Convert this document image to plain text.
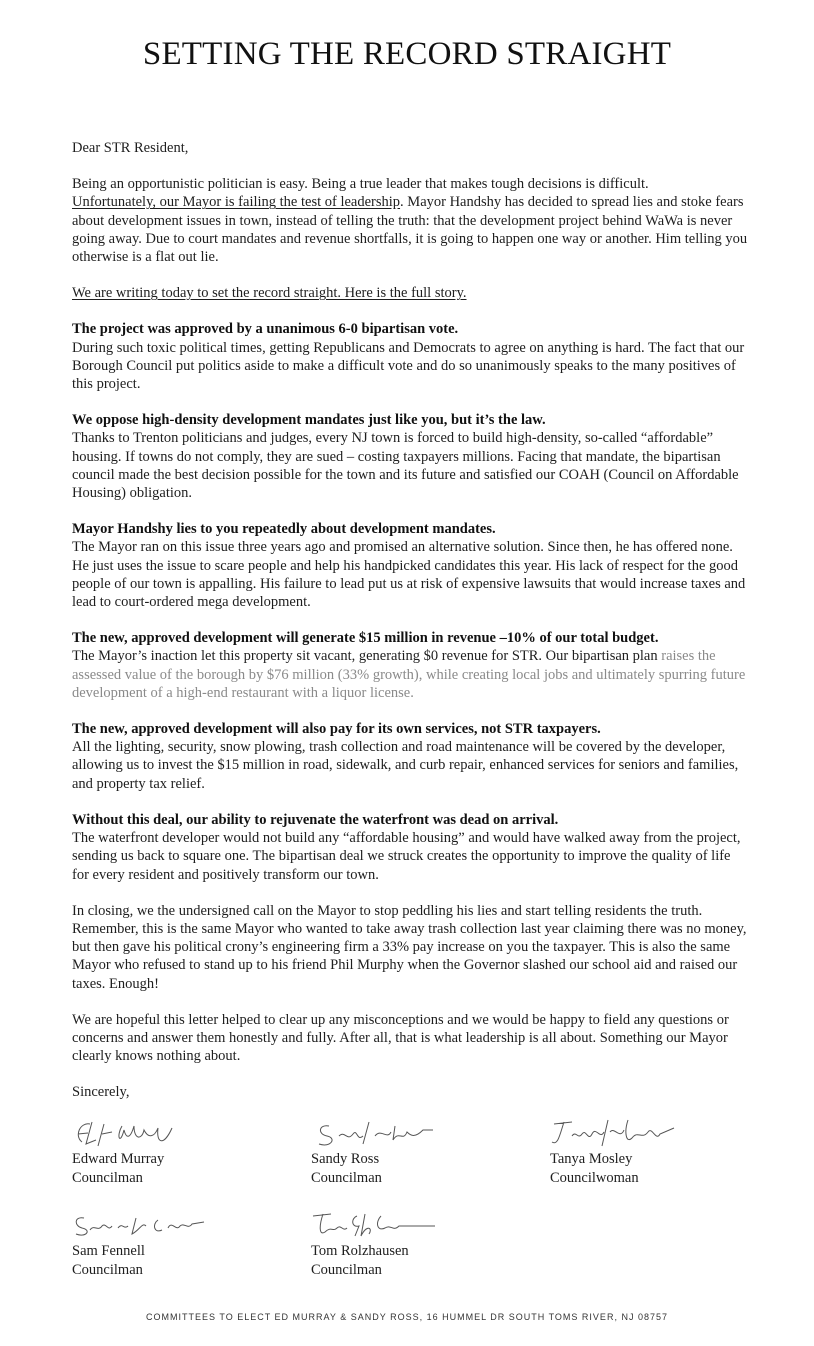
SETTING THE RECORD STRAIGHT

Dear STR Resident,

Being an opportunistic politician is easy. Being a true leader that makes tough decisions is difficult.
Unfortunately, our Mayor is failing the test of leadership. Mayor Handshy has decided to spread lies and stoke fears about development issues in town, instead of telling the truth: that the development project behind WaWa is never going away. Due to court mandates and revenue shortfalls, it is going to happen one way or another. Him telling you otherwise is a flat out lie.

We are writing today to set the record straight. Here is the full story.

The project was approved by a unanimous 6-0 bipartisan vote.
During such toxic political times, getting Republicans and Democrats to agree on anything is hard. The fact that our Borough Council put politics aside to make a difficult vote and do so unanimously speaks to the many positives of this project.

We oppose high-density development mandates just like you, but it’s the law.
Thanks to Trenton politicians and judges, every NJ town is forced to build high-density, so-called “affordable” housing. If towns do not comply, they are sued – costing taxpayers millions. Facing that mandate, the bipartisan council made the best decision possible for the town and its future and satisfied our COAH (Council on Affordable Housing) obligation.

Mayor Handshy lies to you repeatedly about development mandates.
The Mayor ran on this issue three years ago and promised an alternative solution. Since then, he has offered none. He just uses the issue to scare people and help his handpicked candidates this year. His lack of respect for the good people of our town is appalling. His failure to lead put us at risk of expensive lawsuits that would increase taxes and lead to court-ordered mega development.

The new, approved development will generate $15 million in revenue –10% of our total budget.
The Mayor’s inaction let this property sit vacant, generating $0 revenue for STR. Our bipartisan plan raises the assessed value of the borough by $76 million (33% growth), while creating local jobs and ultimately spurring future development of a high-end restaurant with a liquor license.

The new, approved development will also pay for its own services, not STR taxpayers.
All the lighting, security, snow plowing, trash collection and road maintenance will be covered by the developer, allowing us to invest the $15 million in road, sidewalk, and curb repair, enhanced services for seniors and families, and property tax relief.

Without this deal, our ability to rejuvenate the waterfront was dead on arrival.
The waterfront developer would not build any “affordable housing” and would have walked away from the project, sending us back to square one. The bipartisan deal we struck creates the opportunity to improve the quality of life for every resident and positively transform our town.

In closing, we the undersigned call on the Mayor to stop peddling his lies and start telling residents the truth. Remember, this is the same Mayor who wanted to take away trash collection last year claiming there was no money, but then gave his political crony’s engineering firm a 33% pay increase on you the taxpayer. This is also the same Mayor who refused to stand up to his friend Phil Murphy when the Governor slashed our school aid and raised our taxes. Enough!

We are hopeful this letter helped to clear up any misconceptions and we would be happy to field any questions or concerns and answer them honestly and fully. After all, that is what leadership is all about. Something our Mayor clearly knows nothing about.

Sincerely,

Edward Murray
Councilman
Sandy Ross
Councilman
Tanya Mosley
Councilwoman
Sam Fennell
Councilman
Tom Rolzhausen
Councilman
COMMITTEES TO ELECT ED MURRAY & SANDY ROSS, 16 HUMMEL DR SOUTH TOMS RIVER, NJ 08757
